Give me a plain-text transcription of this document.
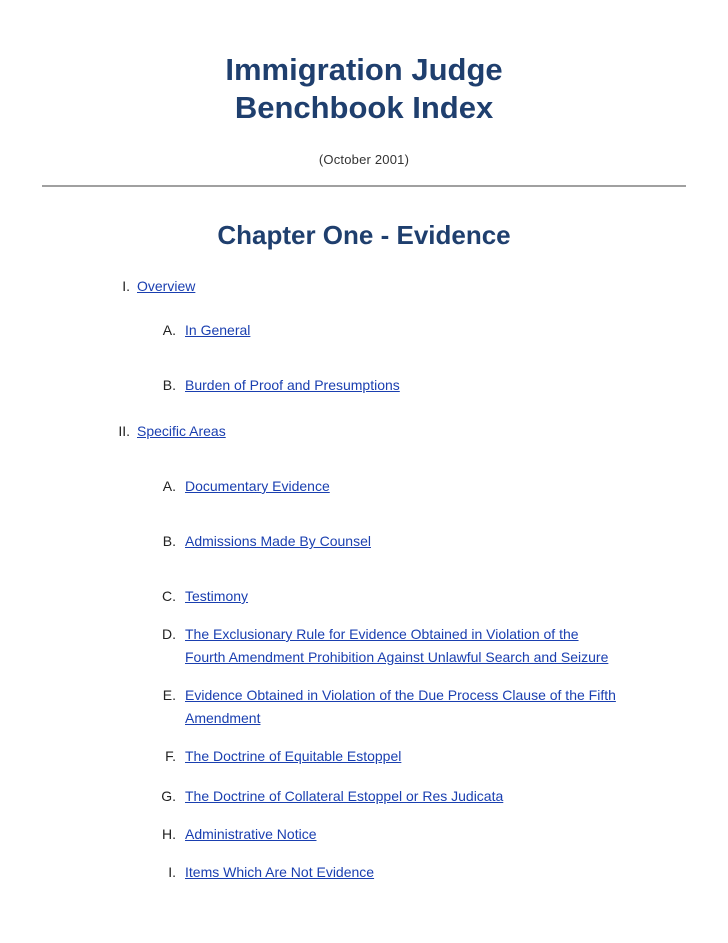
Immigration Judge
Benchbook Index
(October 2001)
Chapter One - Evidence
I. Overview
A. In General
B. Burden of Proof and Presumptions
II. Specific Areas
A. Documentary Evidence
B. Admissions Made By Counsel
C. Testimony
D. The Exclusionary Rule for Evidence Obtained in Violation of the
Fourth Amendment Prohibition Against Unlawful Search and Seizure
E. Evidence Obtained in Violation of the Due Process Clause of the Fifth
Amendment
F. The Doctrine of Equitable Estoppel
G. The Doctrine of Collateral Estoppel or Res Judicata
H. Administrative Notice
I. Items Which Are Not Evidence
